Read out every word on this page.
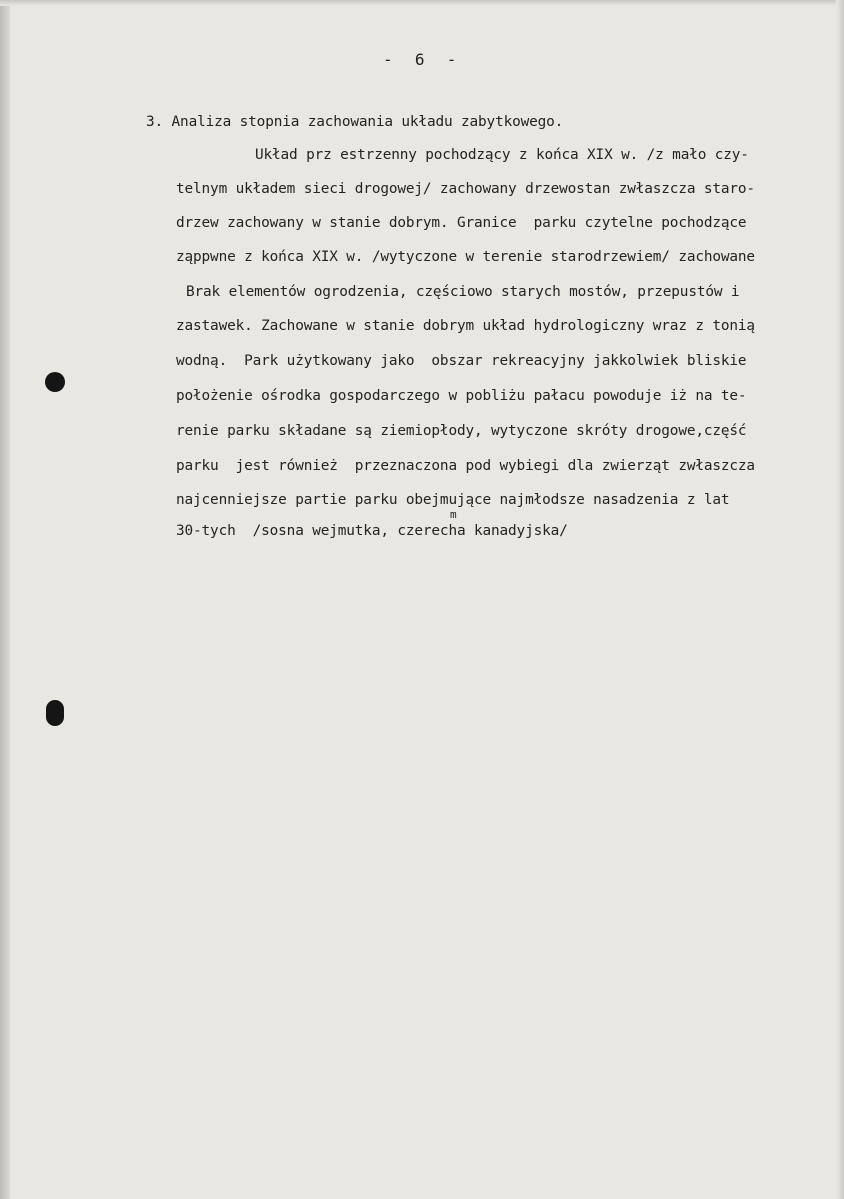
-  6  -
3. Analiza stopnia zachowania układu zabytkowego.
Układ prz estrzenny pochodzący z końca XIX w. /z mało czy-
telnym układem sieci drogowej/ zachowany drzewostan zwłaszcza staro-
drzew zachowany w stanie dobrym. Granice  parku czytelne pochodzące
ząppwne z końca XIX w. /wytyczone w terenie starodrzewiem/ zachowane
Brak elementów ogrodzenia, częściowo starych mostów, przepustów i
zastawek. Zachowane w stanie dobrym układ hydrologiczny wraz z tonią
wodną.  Park użytkowany jako  obszar rekreacyjny jakkolwiek bliskie
położenie ośrodka gospodarczego w pobliżu pałacu powoduje iż na te-
renie parku składane są ziemiopłody, wytyczone skróty drogowe,część
parku  jest również  przeznaczona pod wybiegi dla zwierząt zwłaszcza
najcenniejsze partie parku obejmujące najmłodsze nasadzenia z lat
30-tych  /sosna wejmutka, czerecha kanadyjska/
m
